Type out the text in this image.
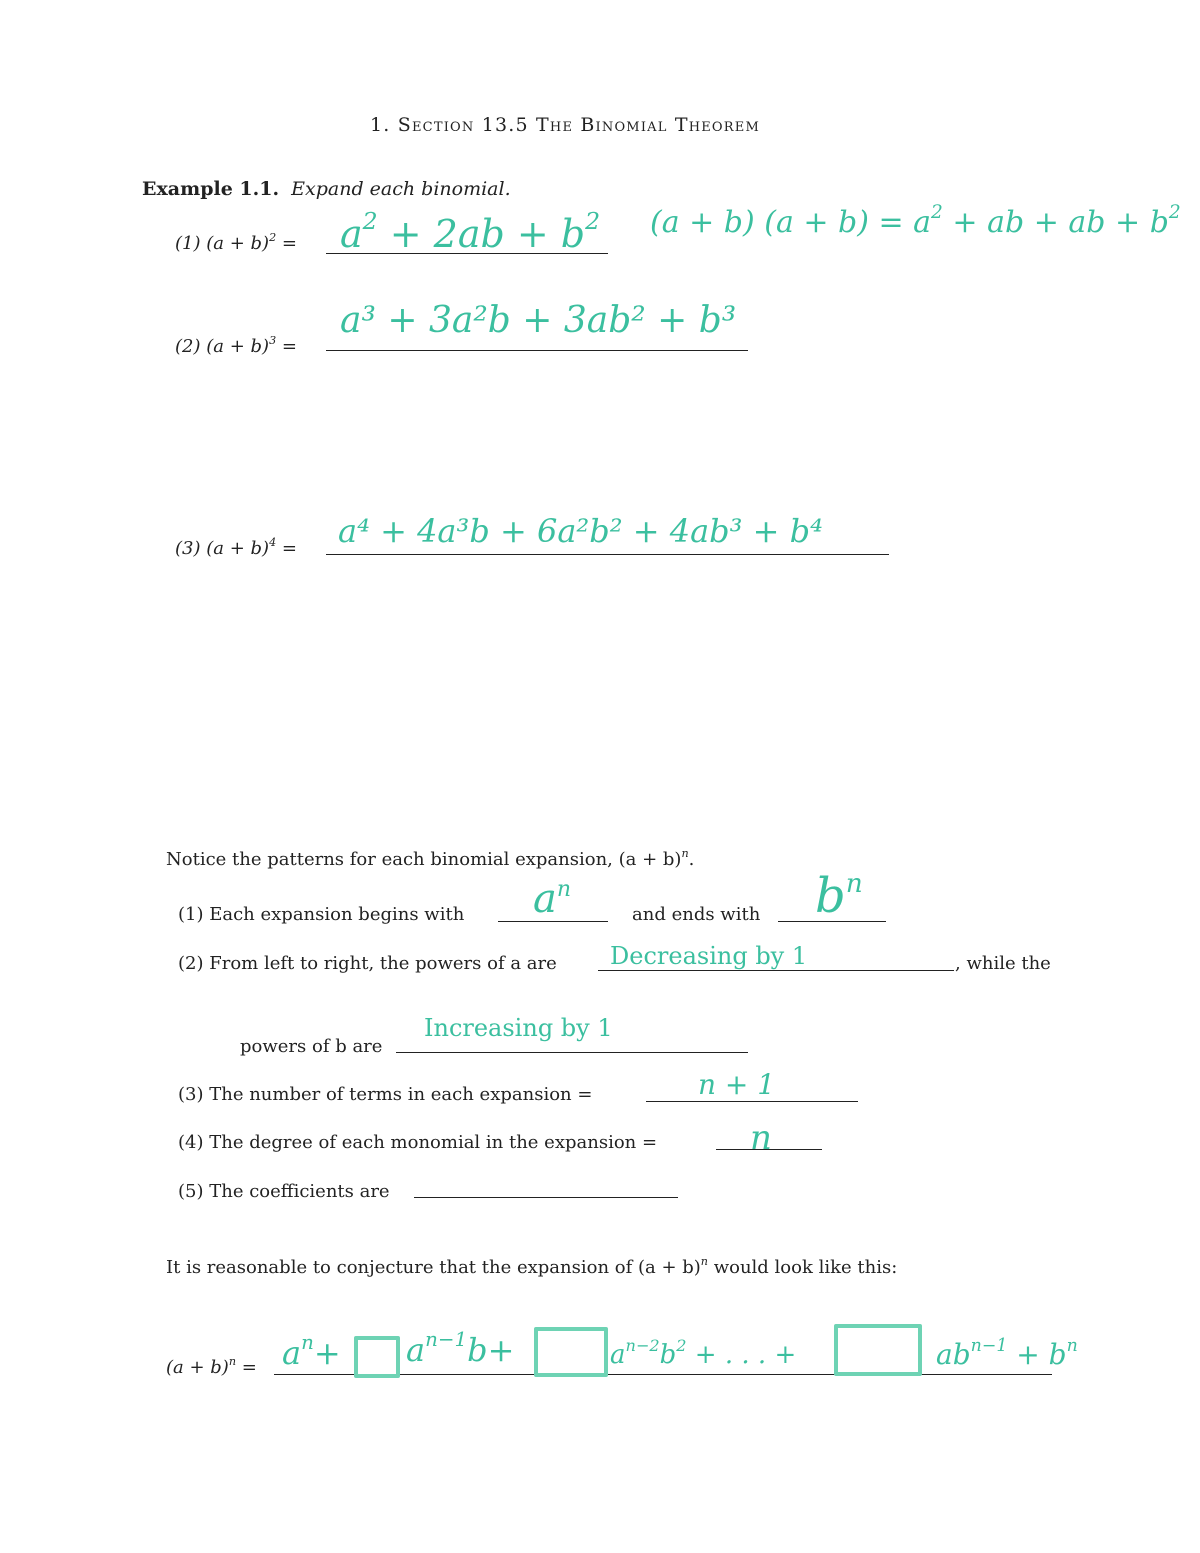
1. Section 13.5 The Binomial Theorem
Example 1.1. Expand each binomial.
(1) $(a + b)^2 = a^2 + 2ab + b^2$ (a + b) $(a + b) = a^2$ + ab + ab + $b^2$
(2) $(a + b)^3$ =
a³ + 3a²b + 3ab² + b³
(3) $(a + b)^4 = a^4 + 4a^3b + 6a^2b^2 + 4ab^3 + b^4$
Notice the patterns for each binomial expansion, $(a + b)^n$.
(1) Each expansion begins with $a^n$
and ends with $b^n$
(2) From left to right, the powers of a are Decreasing by 1	, while the
powers of b are
Increasing by 1
(3) The number of terms in each expansion =	n + 1
(4) The degree of each monomial in the expansion =	n
(5) The coefficients are
It is reasonable to conjecture that the expansion of $(a + b)^n$ would look like this:
$(a + b)^n = a^n+ a^{n-1}b+$	$a^{n-2}b^2$ + . . . +	$ab^{n-1} + b^n$
